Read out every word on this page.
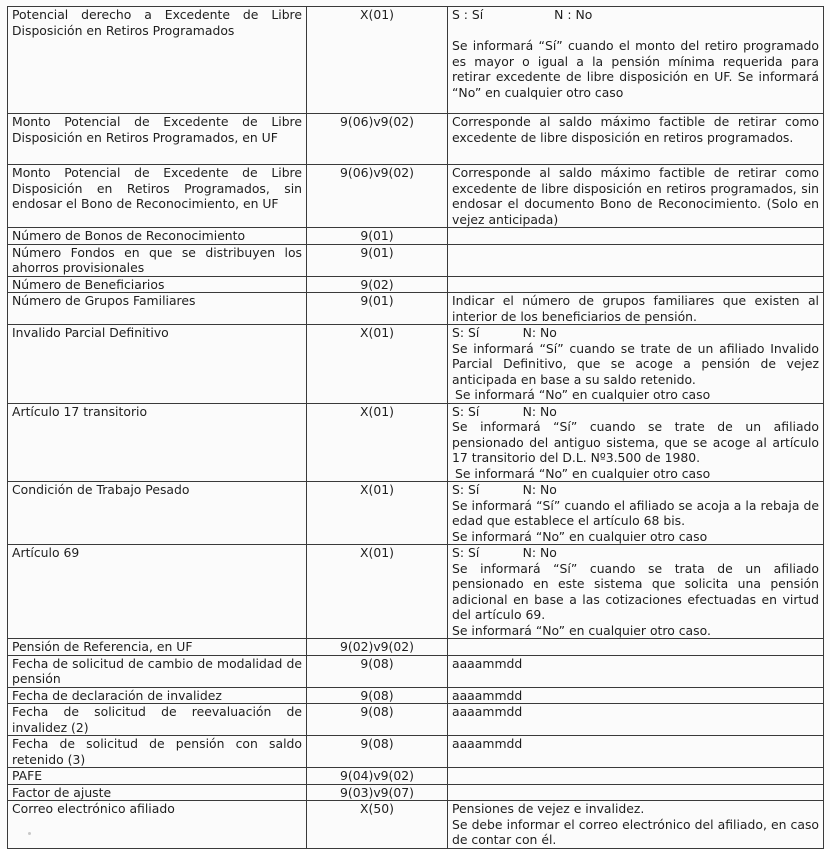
Potencial derecho a Excedente de Libre Disposición en Retiros Programados	X(01)	S : Sí                  N : No
Se informará “Sí” cuando el monto del retiro programado es mayor o igual a la pensión mínima requerida para retirar excedente de libre disposición en UF. Se informará “No” en cualquier otro caso

Monto Potencial de Excedente de Libre Disposición en Retiros Programados, en UF	9(06)v9(02)	Corresponde al saldo máximo factible de retirar como excedente de libre disposición en retiros programados.
Monto Potencial de Excedente de Libre Disposición en Retiros Programados, sin endosar el Bono de Reconocimiento, en UF	9(06)v9(02)	Corresponde al saldo máximo factible de retirar como excedente de libre disposición en retiros programados, sin endosar el documento Bono de Reconocimiento. (Solo en vejez anticipada)
Número de Bonos de Reconocimiento	9(01)	
Número Fondos en que se distribuyen los ahorros provisionales	9(01)	
Número de Beneficiarios	9(02)	
Número de Grupos Familiares	9(01)	Indicar el número de grupos familiares que existen al interior de los beneficiarios de pensión.
Invalido Parcial Definitivo	X(01)	S: Sí           N: No
Se informará “Sí” cuando se trate de un afiliado Invalido Parcial Definitivo, que se acoge a pensión de vejez anticipada en base a su saldo retenido.
Se informará “No” en cualquier otro caso

Artículo 17 transitorio	X(01)	S: Sí           N: No
Se informará “Sí” cuando se trate de un afiliado pensionado del antiguo sistema, que se acoge al artículo 17 transitorio del D.L. Nº3.500 de 1980.
Se informará “No” en cualquier otro caso

Condición de Trabajo Pesado	X(01)	S: Sí           N: No
Se informará “Sí” cuando el afiliado se acoja a la rebaja de edad que establece el artículo 68 bis.
Se informará “No” en cualquier otro caso

Artículo 69	X(01)	S: Sí           N: No
Se informará “Sí” cuando se trata de un afiliado pensionado en este sistema que solicita una pensión adicional en base a las cotizaciones efectuadas en virtud del artículo 69.
Se informará “No” en cualquier otro caso.

Pensión de Referencia, en UF	9(02)v9(02)	
Fecha de solicitud de cambio de modalidad de pensión	9(08)	aaaammdd
Fecha de declaración de invalidez	9(08)	aaaammdd
Fecha de solicitud de reevaluación de invalidez (2)	9(08)	aaaammdd
Fecha de solicitud de pensión con saldo retenido (3)	9(08)	aaaammdd
PAFE	9(04)v9(02)	
Factor de ajuste	9(03)v9(07)	
Correo electrónico afiliado	X(50)	Pensiones de vejez e invalidez.
Se debe informar el correo electrónico del afiliado, en caso de contar con él.
